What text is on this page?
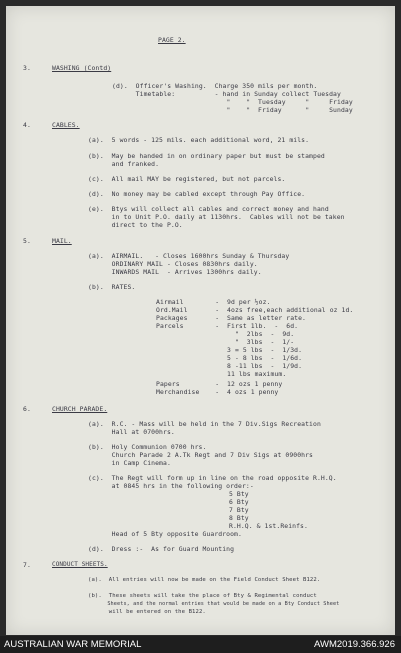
PAGE 2.
3.	WASHING (Contd)
(d).  Officer's Washing.  Charge 350 mils per month.
Timetable:          - hand in Sunday collect Tuesday
"    "  Tuesday     "     Friday
"    "  Friday      "     Sunday
4.	CABLES.
(a).  5 words - 125 mils. each additional word, 21 mils.
(b).  May be handed in on ordinary paper but must be stamped
and franked.
(c).  All mail MAY be registered, but not parcels.
(d).  No money may be cabled except through Pay Office.
(e).  Btys will collect all cables and correct money and hand
in to Unit P.O. daily at 1130hrs.  Cables will not be taken
direct to the P.O.
5.	MAIL.
(a).  AIRMAIL.   - Closes 1600hrs Sunday & Thursday
ORDINARY MAIL - Closes 0830hrs daily.
INWARDS MAIL  - Arrives 1300hrs daily.
(b).  RATES.
Airmail        -  9d per ½oz.
Ord.Mail       -  4ozs free,each additional oz 1d.
Packages       -  Same as letter rate.
Parcels        -  First 1lb.  -  6d.
"  2lbs  -  9d.
"  3lbs  -  1/-
3 = 5 lbs  -  1/3d.
5 - 8 lbs  -  1/6d.
8 -11 lbs  -  1/9d.
11 lbs maximum.
Papers         -  12 ozs 1 penny
Merchandise    -  4 ozs 1 penny
6.	CHURCH PARADE.
(a).  R.C. - Mass will be held in the 7 Div.Sigs Recreation
Hall at 0700hrs.
(b).  Holy Communion 0700 hrs.
Church Parade 2 A.Tk Regt and 7 Div Sigs at 0900hrs
in Camp Cinema.
(c).  The Regt will form up in line on the road opposite R.H.Q.
at 0845 hrs in the following order:-
5 Bty
6 Bty
7 Bty
8 Bty
R.H.Q. & 1st.Reinfs.
Head of 5 Bty opposite Guardroom.
(d).  Dress :-  As for Guard Mounting
7.	CONDUCT SHEETS.
(a).  All entries will now be made on the Field Conduct Sheet B122.
(b).  These sheets will take the place of Bty & Regimental conduct
Sheets, and the normal entries that would be made on a Bty Conduct Sheet
will be entered on the B122.
AUSTRALIAN WAR MEMORIAL	AWM2019.366.926
